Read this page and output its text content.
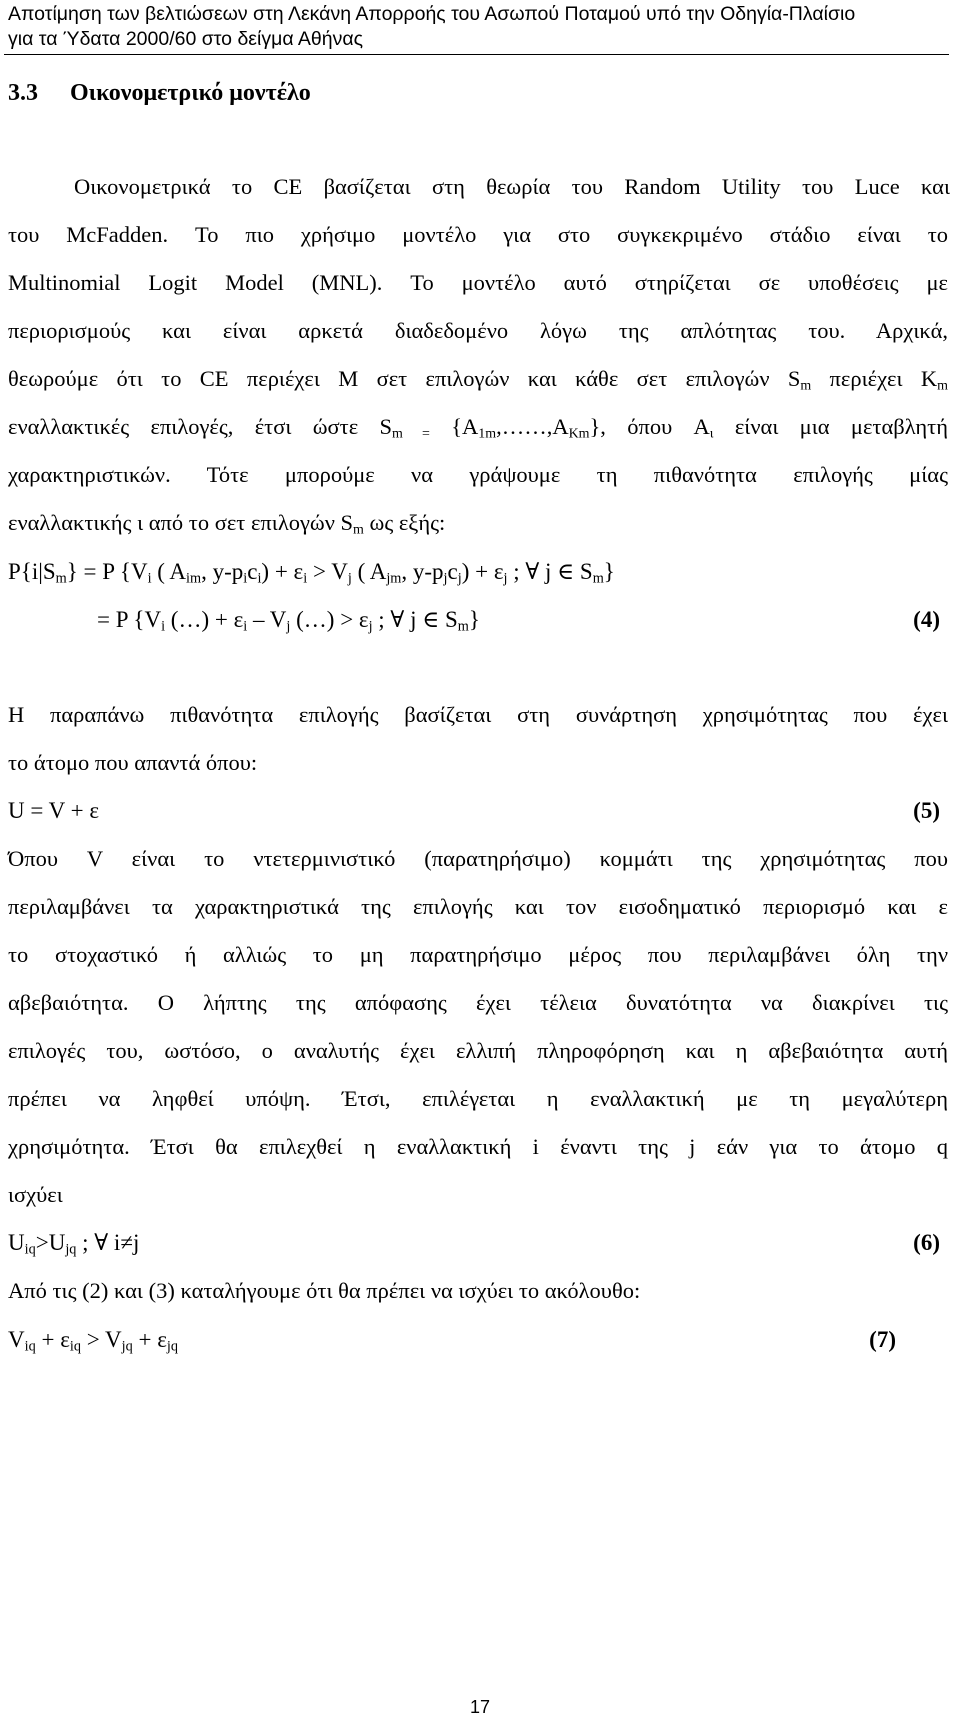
Αποτίμηση των βελτιώσεων στη Λεκάνη Απορροής του Ασωπού Ποταμού υπό την Οδηγία-Πλαίσιο
για τα Ύδατα 2000/60 στο δείγμα Αθήνας
3.3 Οικονομετρικό μοντέλο
Οικονομετρικά το CE βασίζεται στη θεωρία του Random Utility του Luce και
του McFadden. Το πιο χρήσιμο μοντέλο για στο συγκεκριμένο στάδιο είναι το
Multinomial Logit Model (MNL). Το μοντέλο αυτό στηρίζεται σε υποθέσεις με
περιορισμούς και είναι αρκετά διαδεδομένο λόγω της απλότητας του. Αρχικά,
θεωρούμε ότι το CE περιέχει M σετ επιλογών και κάθε σετ επιλογών $S_m$ περιέχει $K_m$
εναλλακτικές επιλογές, έτσι ώστε $S_{m =}$ $\{A_{1m},\dots\dots,A_{Km}\}$, όπου $A_\iota$ είναι μια μεταβλητή
χαρακτηριστικών. Τότε μπορούμε να γράψουμε τη πιθανότητα επιλογής μίας
εναλλακτικής ι από το σετ επιλογών $S_m$ ως εξής:
$P\{i|S_m\} = P$ {$V_i$ ( $A_{im}$, $y-p_ic_i) + \varepsilon_i > V_j$ ( $A_{jm}$, $y-p_jc_j) + \varepsilon_j$ ; ∀ j ∈ $S_m$}
= P {$V_i$ (…) + $\varepsilon_i - V_j$ (…) > $\varepsilon_j$ ; ∀ j ∈ $S_m$}	(4)
Η παραπάνω πιθανότητα επιλογής βασίζεται στη συνάρτηση χρησιμότητας που έχει
το άτομο που απαντά όπου:
U = V + ε	(5)
Όπου V είναι το ντετερμινιστικό (παρατηρήσιμο) κομμάτι της χρησιμότητας που
περιλαμβάνει τα χαρακτηριστικά της επιλογής και τον εισοδηματικό περιορισμό και ε
το στοχαστικό ή αλλιώς το μη παρατηρήσιμο μέρος που περιλαμβάνει όλη την
αβεβαιότητα. Ο λήπτης της απόφασης έχει τέλεια δυνατότητα να διακρίνει τις
επιλογές του, ωστόσο, ο αναλυτής έχει ελλιπή πληροφόρηση και η αβεβαιότητα αυτή
πρέπει να ληφθεί υπόψη. Έτσι, επιλέγεται η εναλλακτική με τη μεγαλύτερη
χρησιμότητα. Έτσι θα επιλεχθεί η εναλλακτική i έναντι της j εάν για το άτομο q
ισχύει
$U_{iq}>U_{jq}$ ; ∀ i≠j	(6)
Από τις (2) και (3) καταλήγουμε ότι θα πρέπει να ισχύει το ακόλουθο:
$V_{iq} + \varepsilon_{iq} > V_{jq} + \varepsilon_{jq}$	(7)
17
